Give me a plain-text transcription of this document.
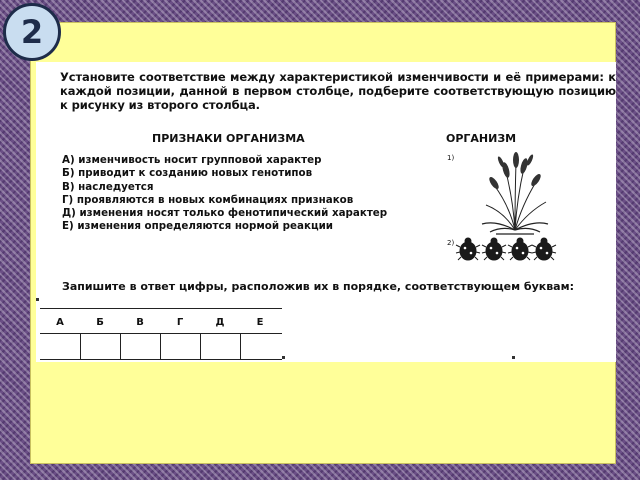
2

Установите соответствие между характеристикой изменчивости и её примерами: к каждой позиции, данной в первом столбце, подберите соответствующую позицию к рисунку из второго столбца.

ПРИЗНАКИ ОРГАНИЗМА	ОРГАНИЗМ
А) изменчивость носит групповой характер
Б) приводит к созданию новых генотипов
В) наследуется
Г) проявляются в новых комбинациях признаков
Д) изменения носят только фенотипический характер
Е) изменения определяются нормой реакции
1)
2)

Запишите в ответ цифры, расположив их в порядке, соответствующем буквам:

А	Б	В	Г	Д	Е
